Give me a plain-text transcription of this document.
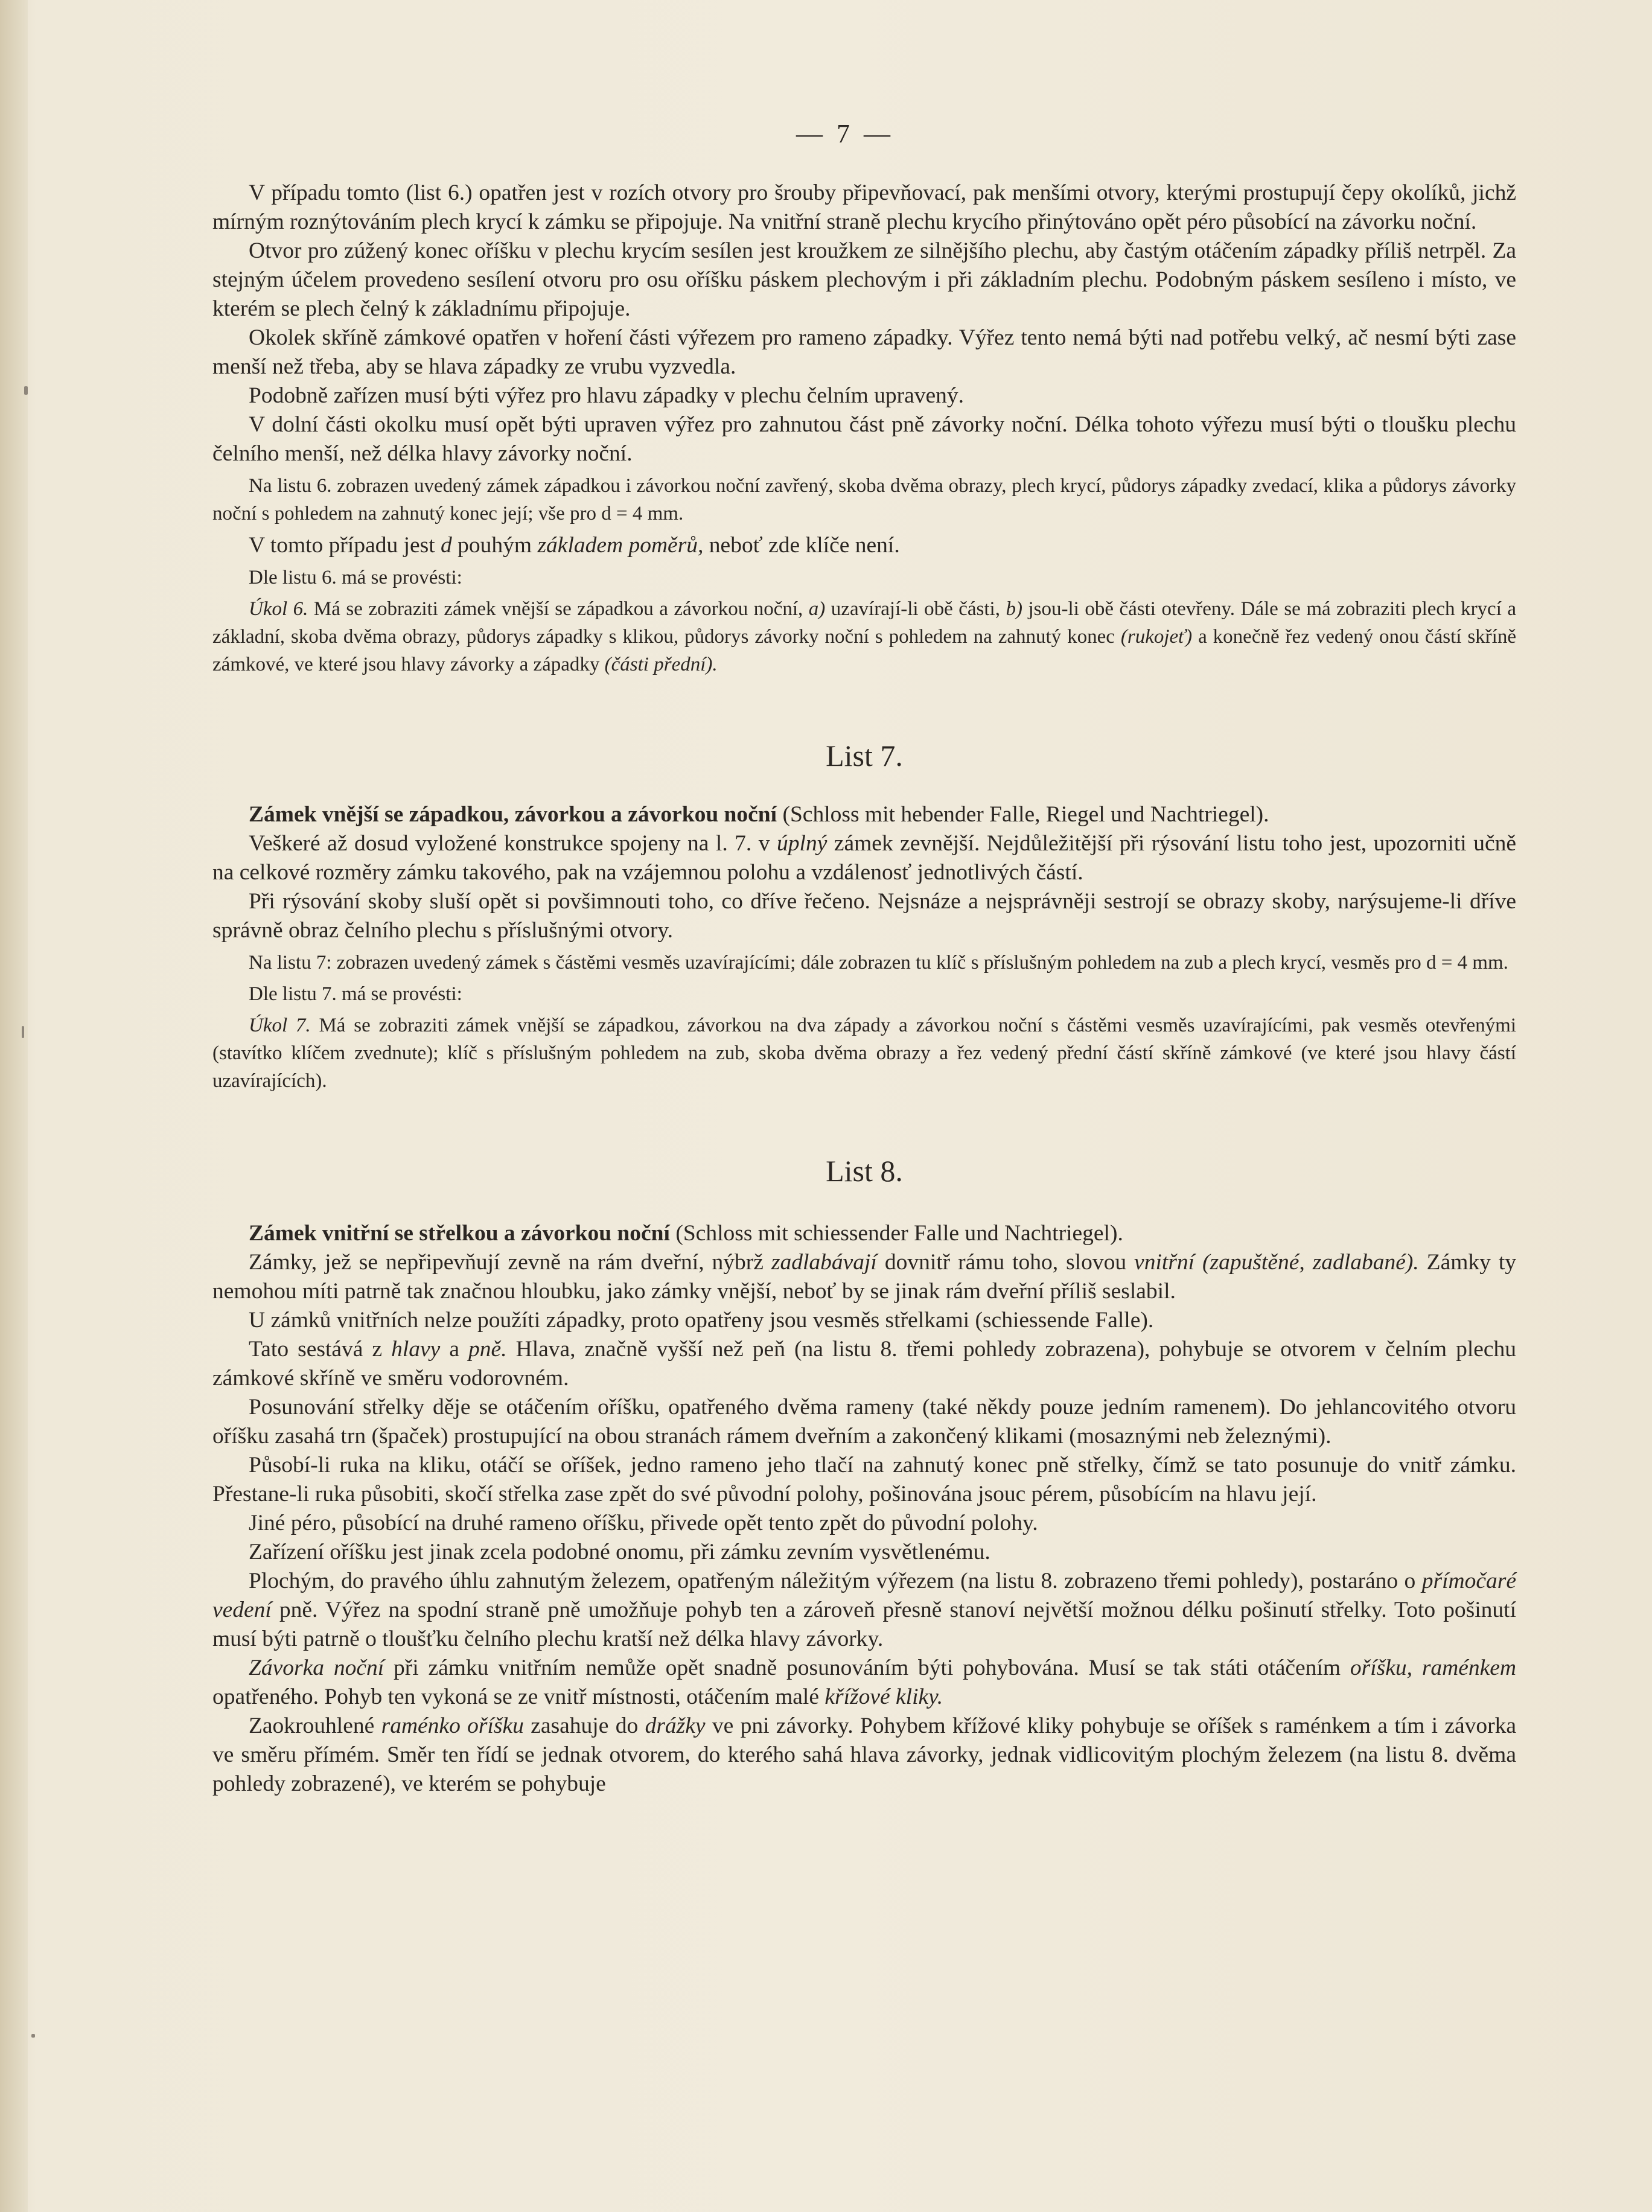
— 7 —

V případu tomto (list 6.) opatřen jest v rozích otvory pro šrouby připevňovací, pak menšími otvory, kterými prostupují čepy okolíků, jichž mírným roznýtováním plech krycí k zámku se připojuje. Na vnitřní straně plechu krycího přinýtováno opět péro působící na závorku noční.

Otvor pro zúžený konec oříšku v plechu krycím sesílen jest kroužkem ze silnějšího plechu, aby častým otáčením západky příliš netrpěl. Za stejným účelem provedeno sesílení otvoru pro osu oříšku páskem plechovým i při základním plechu. Podobným páskem sesíleno i místo, ve kterém se plech čelný k základnímu připojuje.

Okolek skříně zámkové opatřen v hoření části výřezem pro rameno západky. Výřez tento nemá býti nad potřebu velký, ač nesmí býti zase menší než třeba, aby se hlava západky ze vrubu vyzvedla.

Podobně zařízen musí býti výřez pro hlavu západky v plechu čelním upravený.

V dolní části okolku musí opět býti upraven výřez pro zahnutou část pně závorky noční. Délka tohoto výřezu musí býti o tloušku plechu čelního menší, než délka hlavy závorky noční.

Na listu 6. zobrazen uvedený zámek západkou i závorkou noční zavřený, skoba dvěma obrazy, plech krycí, půdorys západky zvedací, klika a půdorys závorky noční s pohledem na zahnutý konec její; vše pro d = 4 mm.

V tomto případu jest d pouhým základem poměrů, neboť zde klíče není.

Dle listu 6. má se provésti:

Úkol 6. Má se zobraziti zámek vnější se západkou a závorkou noční, a) uzavírají-li obě části, b) jsou-li obě části otevřeny. Dále se má zobraziti plech krycí a základní, skoba dvěma obrazy, půdorys západky s klikou, půdorys závorky noční s pohledem na zahnutý konec (rukojeť) a konečně řez vedený onou částí skříně zámkové, ve které jsou hlavy závorky a západky (části přední).

List 7.

Zámek vnější se západkou, závorkou a závorkou noční (Schloss mit hebender Falle, Riegel und Nachtriegel).

Veškeré až dosud vyložené konstrukce spojeny na l. 7. v úplný zámek zevnější. Nejdůležitější při rýsování listu toho jest, upozorniti učně na celkové rozměry zámku takového, pak na vzájemnou polohu a vzdálenosť jednotlivých částí.

Při rýsování skoby sluší opět si povšimnouti toho, co dříve řečeno. Nejsnáze a nejsprávněji sestrojí se obrazy skoby, narýsujeme-li dříve správně obraz čelního plechu s příslušnými otvory.

Na listu 7: zobrazen uvedený zámek s částěmi vesměs uzavírajícími; dále zobrazen tu klíč s příslušným pohledem na zub a plech krycí, vesměs pro d = 4 mm.

Dle listu 7. má se provésti:

Úkol 7. Má se zobraziti zámek vnější se západkou, závorkou na dva západy a závorkou noční s částěmi vesměs uzavírajícími, pak vesměs otevřenými (stavítko klíčem zvednute); klíč s příslušným pohledem na zub, skoba dvěma obrazy a řez vedený přední částí skříně zámkové (ve které jsou hlavy částí uzavírajících).

List 8.

Zámek vnitřní se střelkou a závorkou noční (Schloss mit schiessender Falle und Nachtriegel).

Zámky, jež se nepřipevňují zevně na rám dveřní, nýbrž zadlabávají dovnitř rámu toho, slovou vnitřní (zapuštěné, zadlabané). Zámky ty nemohou míti patrně tak značnou hloubku, jako zámky vnější, neboť by se jinak rám dveřní příliš seslabil.

U zámků vnitřních nelze použíti západky, proto opatřeny jsou vesměs střelkami (schiessende Falle).

Tato sestává z hlavy a pně. Hlava, značně vyšší než peň (na listu 8. třemi pohledy zobrazena), pohybuje se otvorem v čelním plechu zámkové skříně ve směru vodorovném.

Posunování střelky děje se otáčením oříšku, opatřeného dvěma rameny (také někdy pouze jedním ramenem). Do jehlancovitého otvoru oříšku zasahá trn (špaček) prostupující na obou stranách rámem dveřním a zakončený klikami (mosaznými neb železnými).

Působí-li ruka na kliku, otáčí se oříšek, jedno rameno jeho tlačí na zahnutý konec pně střelky, čímž se tato posunuje do vnitř zámku. Přestane-li ruka působiti, skočí střelka zase zpět do své původní polohy, pošinována jsouc pérem, působícím na hlavu její.

Jiné péro, působící na druhé rameno oříšku, přivede opět tento zpět do původní polohy.

Zařízení oříšku jest jinak zcela podobné onomu, při zámku zevním vysvětlenému.

Plochým, do pravého úhlu zahnutým železem, opatřeným náležitým výřezem (na listu 8. zobrazeno třemi pohledy), postaráno o přímočaré vedení pně. Výřez na spodní straně pně umožňuje pohyb ten a zároveň přesně stanoví největší možnou délku pošinutí střelky. Toto pošinutí musí býti patrně o tloušťku čelního plechu kratší než délka hlavy závorky.

Závorka noční při zámku vnitřním nemůže opět snadně posunováním býti pohybována. Musí se tak státi otáčením oříšku, raménkem opatřeného. Pohyb ten vykoná se ze vnitř místnosti, otáčením malé křížové kliky.

Zaokrouhlené raménko oříšku zasahuje do drážky ve pni závorky. Pohybem křížové kliky pohybuje se oříšek s raménkem a tím i závorka ve směru přímém. Směr ten řídí se jednak otvorem, do kterého sahá hlava závorky, jednak vidlicovitým plochým železem (na listu 8. dvěma pohledy zobrazené), ve kterém se pohybuje
